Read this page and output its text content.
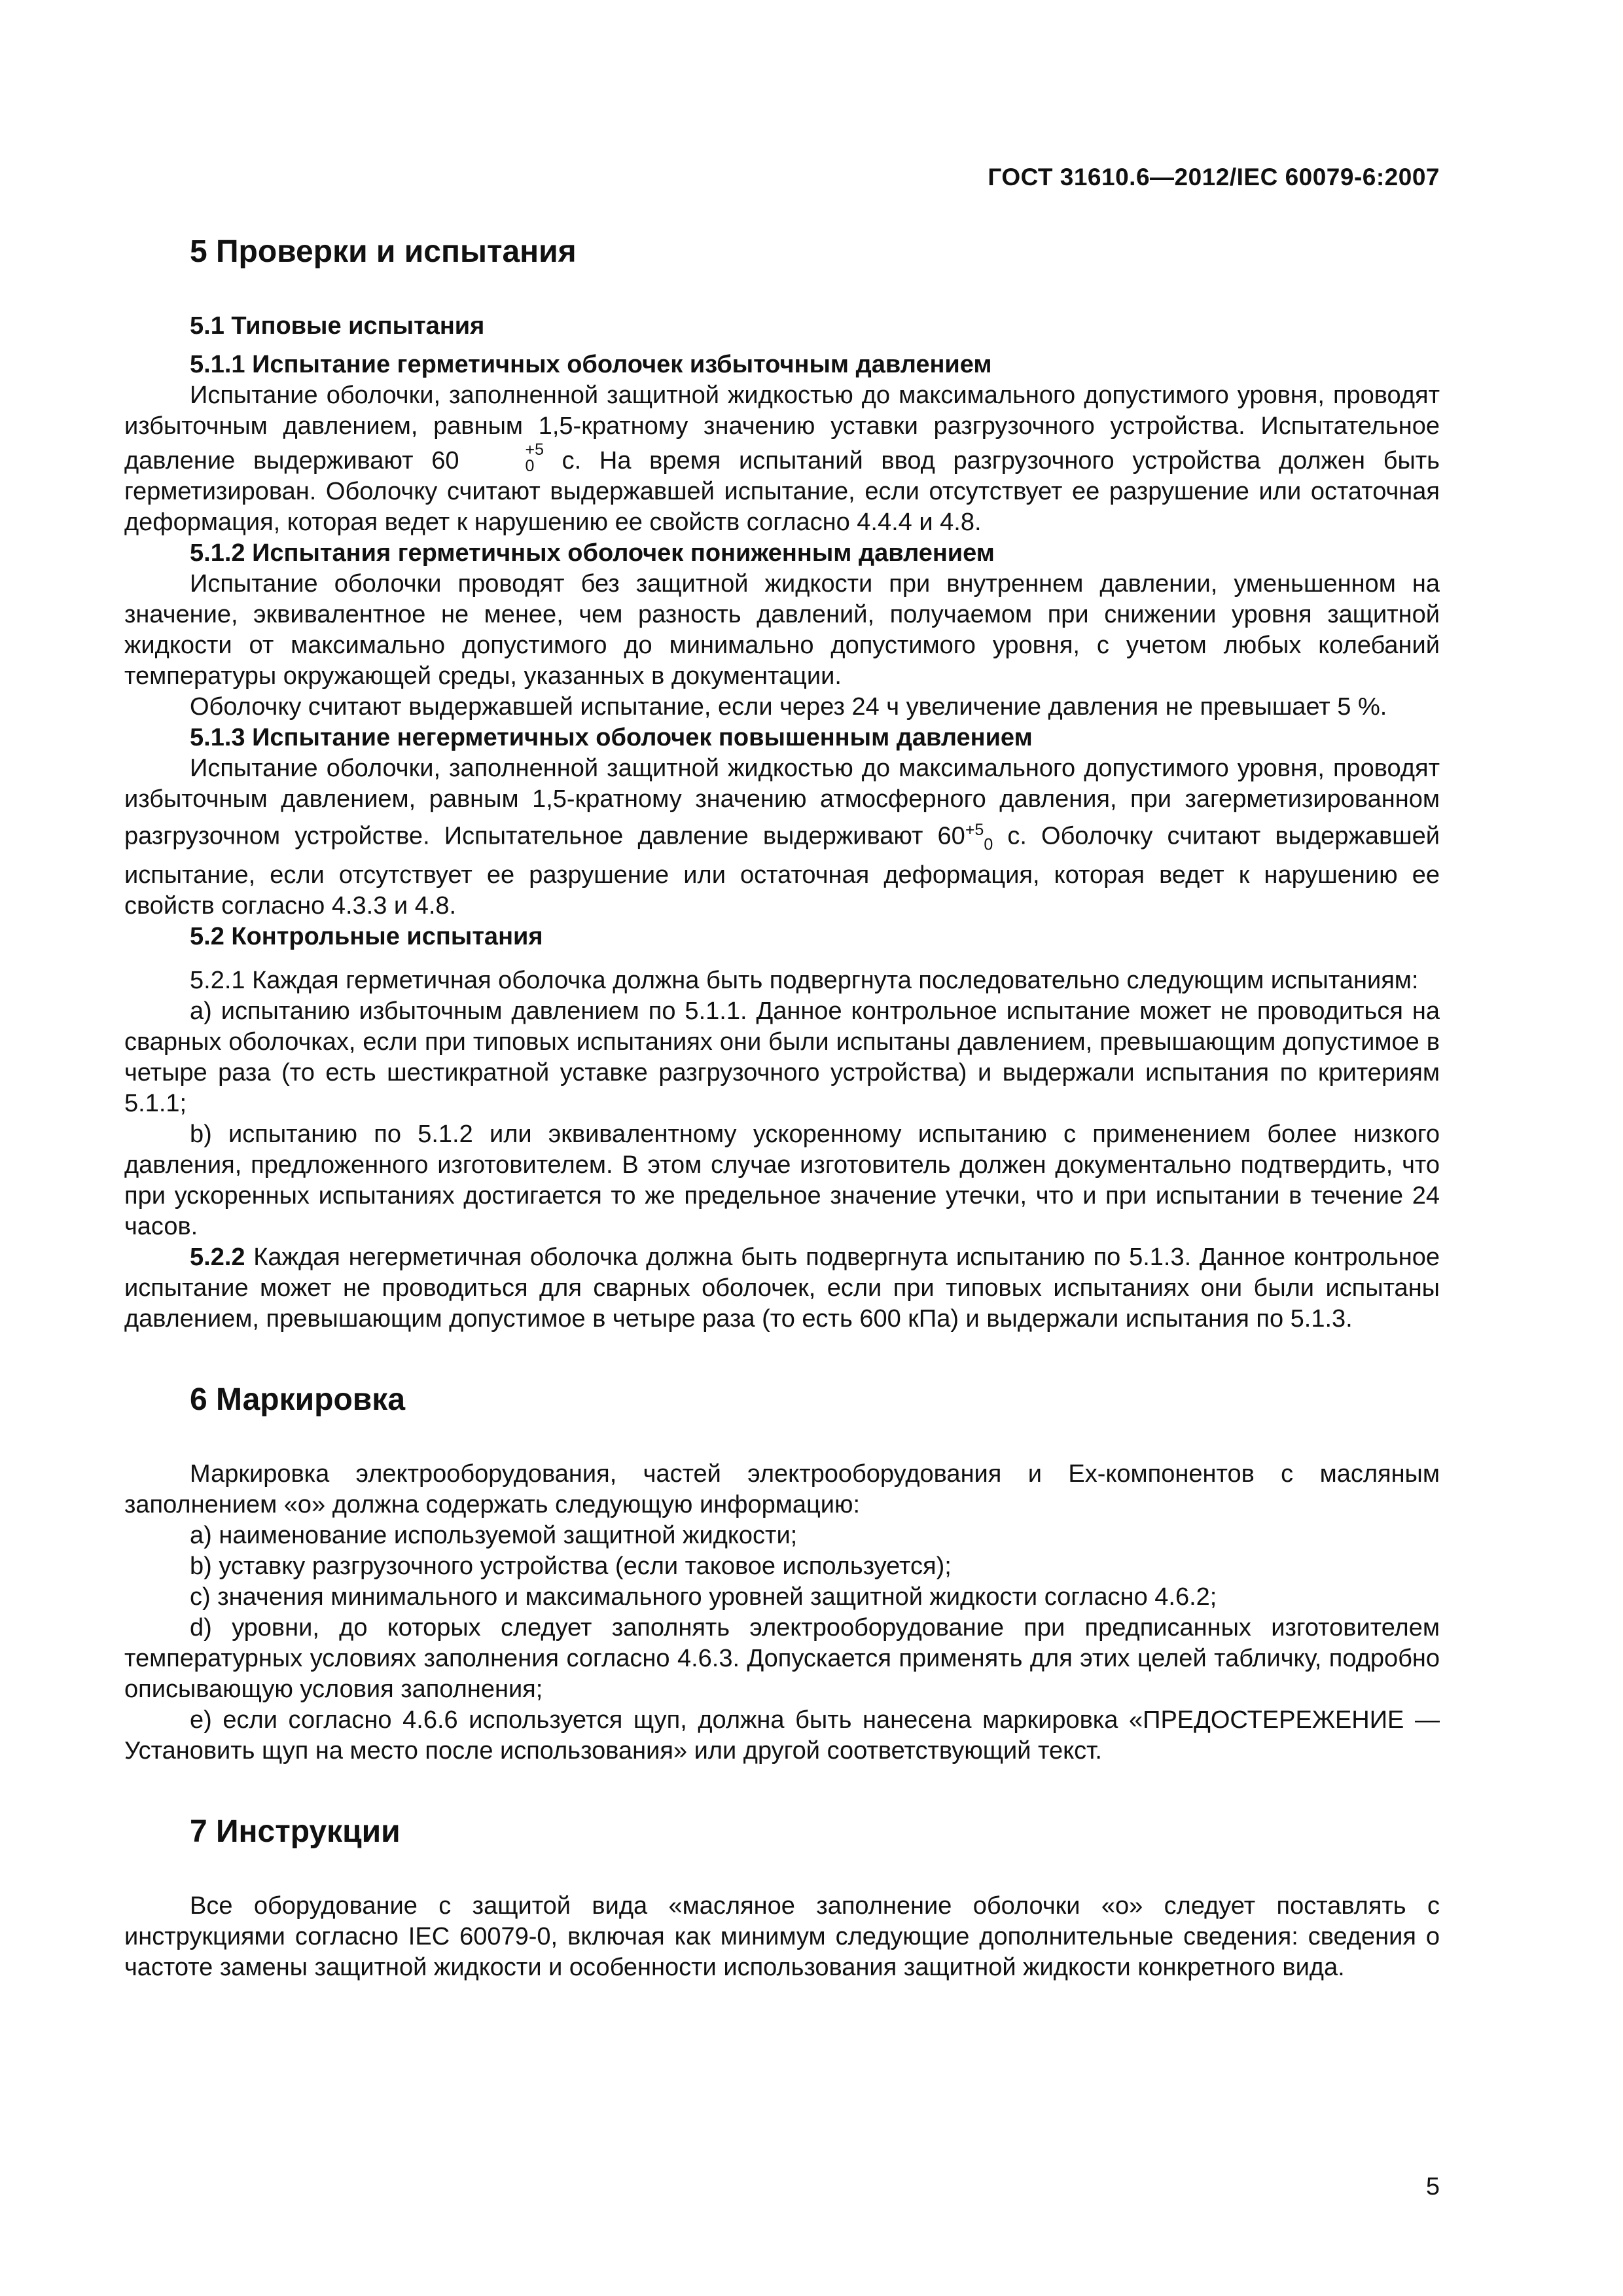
ГОСТ 31610.6—2012/IEC 60079-6:2007
5 Проверки и испытания
5.1 Типовые испытания
5.1.1 Испытание герметичных оболочек избыточным давлением

Испытание оболочки, заполненной защитной жидкостью до максимального допустимого уровня, проводят избыточным давлением, равным 1,5-кратному значению уставки разгрузочного устройства. Испытательное давление выдерживают 60	+5
0 с. На время испытаний ввод разгрузочного устройства должен быть герметизирован. Оболочку считают выдержавшей испытание, если отсутствует ее разрушение или остаточная деформация, которая ведет к нарушению ее свойств согласно 4.4.4 и 4.8.

5.1.2 Испытания герметичных оболочек пониженным давлением

Испытание оболочки проводят без защитной жидкости при внутреннем давлении, уменьшенном на значение, эквивалентное не менее, чем разность давлений, получаемом при снижении уровня защитной жидкости от максимально допустимого до минимально допустимого уровня, с учетом любых колебаний температуры окружающей среды, указанных в документации.

Оболочку считают выдержавшей испытание, если через 24 ч увеличение давления не превышает 5 %.

5.1.3 Испытание негерметичных оболочек повышенным давлением

Испытание оболочки, заполненной защитной жидкостью до максимального допустимого уровня, проводят избыточным давлением, равным 1,5-кратному значению атмосферного давления, при загерметизированном разгрузочном устройстве. Испытательное давление выдерживают $60^{+5}_0$ с. Оболочку считают выдержавшей испытание, если отсутствует ее разрушение или остаточная деформация, которая ведет к нарушению ее свойств согласно 4.3.3 и 4.8.

5.2 Контрольные испытания

5.2.1 Каждая герметичная оболочка должна быть подвергнута последовательно следующим испытаниям:

а) испытанию избыточным давлением по 5.1.1. Данное контрольное испытание может не проводиться на сварных оболочках, если при типовых испытаниях они были испытаны давлением, превышающим допустимое в четыре раза (то есть шестикратной уставке разгрузочного устройства) и выдержали испытания по критериям 5.1.1;

b) испытанию по 5.1.2 или эквивалентному ускоренному испытанию с применением более низкого давления, предложенного изготовителем. В этом случае изготовитель должен документально подтвердить, что при ускоренных испытаниях достигается то же предельное значение утечки, что и при испытании в течение 24 часов.

5.2.2 Каждая негерметичная оболочка должна быть подвергнута испытанию по 5.1.3. Данное контрольное испытание может не проводиться для сварных оболочек, если при типовых испытаниях они были испытаны давлением, превышающим допустимое в четыре раза (то есть 600 кПа) и выдержали испытания по 5.1.3.

6 Маркировка

Маркировка электрооборудования, частей электрооборудования и Ex-компонентов с масляным заполнением «о» должна содержать следующую информацию:

а) наименование используемой защитной жидкости;

b) уставку разгрузочного устройства (если таковое используется);

с) значения минимального и максимального уровней защитной жидкости согласно 4.6.2;

d) уровни, до которых следует заполнять электрооборудование при предписанных изготовителем температурных условиях заполнения согласно 4.6.3. Допускается применять для этих целей табличку, подробно описывающую условия заполнения;

е) если согласно 4.6.6 используется щуп, должна быть нанесена маркировка «ПРЕДОСТЕРЕЖЕНИЕ — Установить щуп на место после использования» или другой соответствующий текст.

7 Инструкции

Все оборудование с защитой вида «масляное заполнение оболочки «о» следует поставлять с инструкциями согласно IEC 60079-0, включая как минимум следующие дополнительные сведения: сведения о частоте замены защитной жидкости и особенности использования защитной жидкости конкретного вида.

5
